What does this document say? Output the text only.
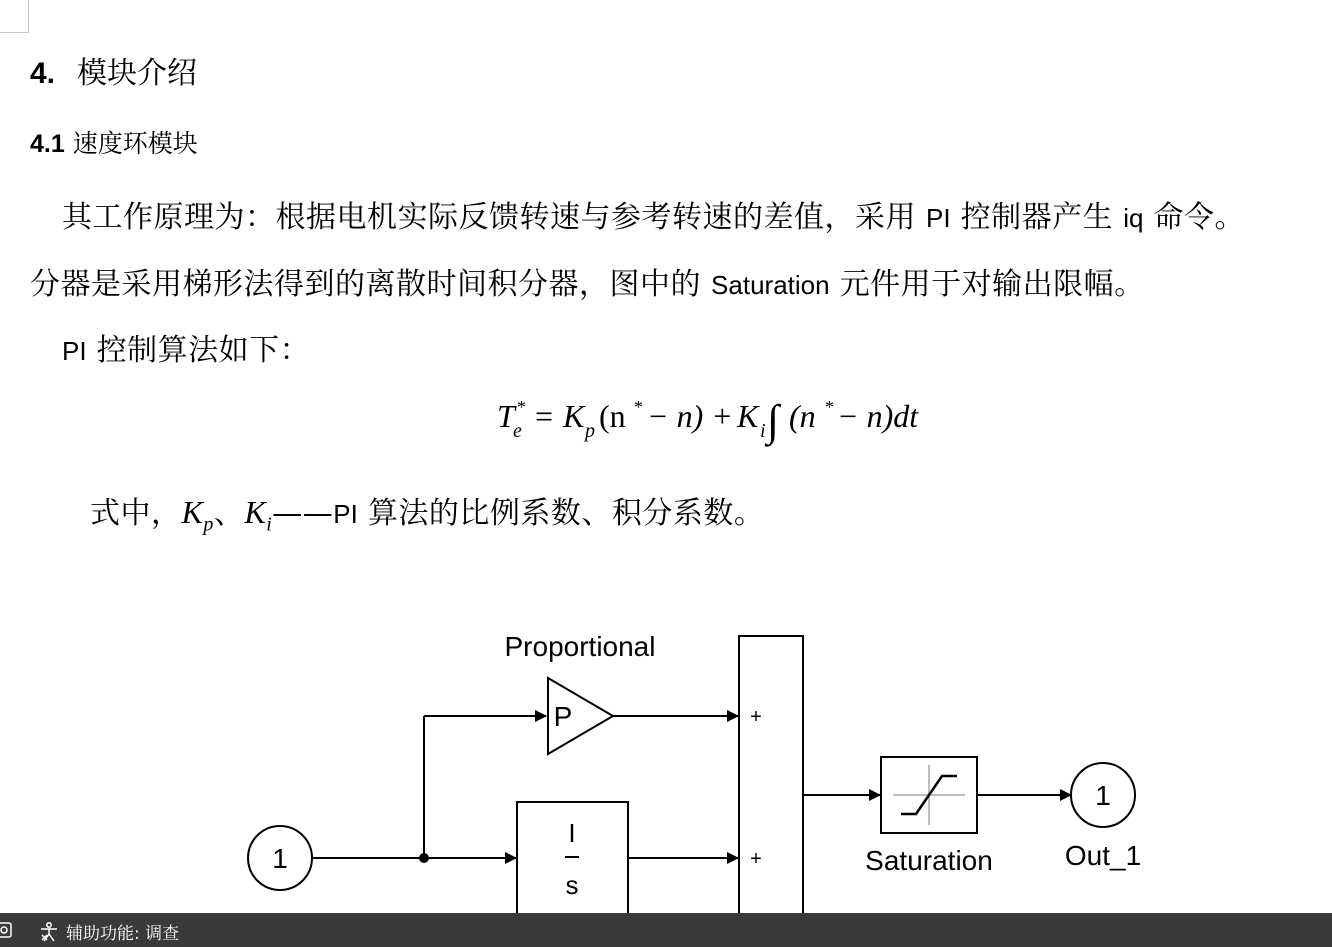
4. 模块介绍
4.1 速度环模块
其工作原理为：根据电机实际反馈转速与参考转速的差值，采用 PI 控制器产生 iq 命令。
分器是采用梯形法得到的离散时间积分器，图中的 Saturation 元件用于对输出限幅。
PI 控制算法如下：
T *
e = K p (n * − n) + K i ∫ (n * − n)dt
式中，$K_p$、$K_i——PI$ 算法的比例系数、积分系数。
1
Proportional
P
I
s
+
+	Saturation
1
Out_1
辅助功能: 调查
